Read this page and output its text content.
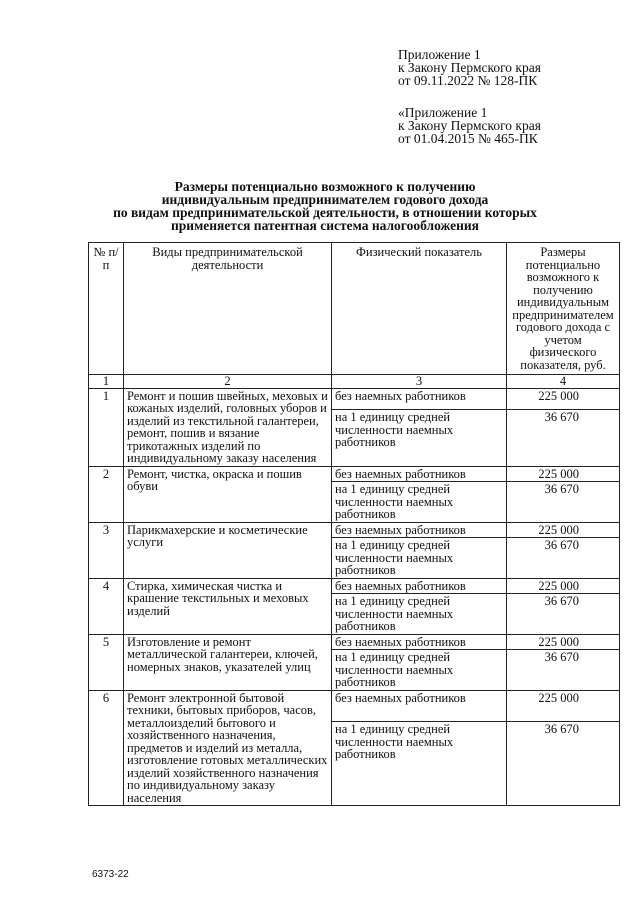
Приложение 1
к Закону Пермского края
от 09.11.2022 № 128-ПК
«Приложение 1
к Закону Пермского края
от 01.04.2015 № 465-ПК
Размеры потенциально возможного к получению
индивидуальным предпринимателем годового дохода
по видам предпринимательской деятельности, в отношении которых
применяется патентная система налогообложения
№ п/п	Виды предпринимательской деятельности	Физический показатель	Размеры потенциально возможного к получению индивидуальным предпринимателем годового дохода с учетом физического показателя, руб.
1	2	3	4
1	Ремонт и пошив швейных, меховых и кожаных изделий, головных уборов и изделий из текстильной галантереи, ремонт, пошив и вязание трикотажных изделий по индивидуальному заказу населения	без наемных работников	225 000
		на 1 единицу средней численности наемных работников	36 670
2	Ремонт, чистка, окраска и пошив обуви	без наемных работников	225 000
		на 1 единицу средней численности наемных работников	36 670
3	Парикмахерские и косметические услуги	без наемных работников	225 000
		на 1 единицу средней численности наемных работников	36 670
4	Стирка, химическая чистка и крашение текстильных и меховых изделий	без наемных работников	225 000
		на 1 единицу средней численности наемных работников	36 670
5	Изготовление и ремонт металлической галантереи, ключей, номерных знаков, указателей улиц	без наемных работников	225 000
		на 1 единицу средней численности наемных работников	36 670
6	Ремонт электронной бытовой техники, бытовых приборов, часов, металлоизделий бытового и хозяйственного назначения, предметов и изделий из металла, изготовление готовых металлических изделий хозяйственного назначения по индивидуальному заказу населения	без наемных работников	225 000
		на 1 единицу средней численности наемных работников	36 670
6373-22
